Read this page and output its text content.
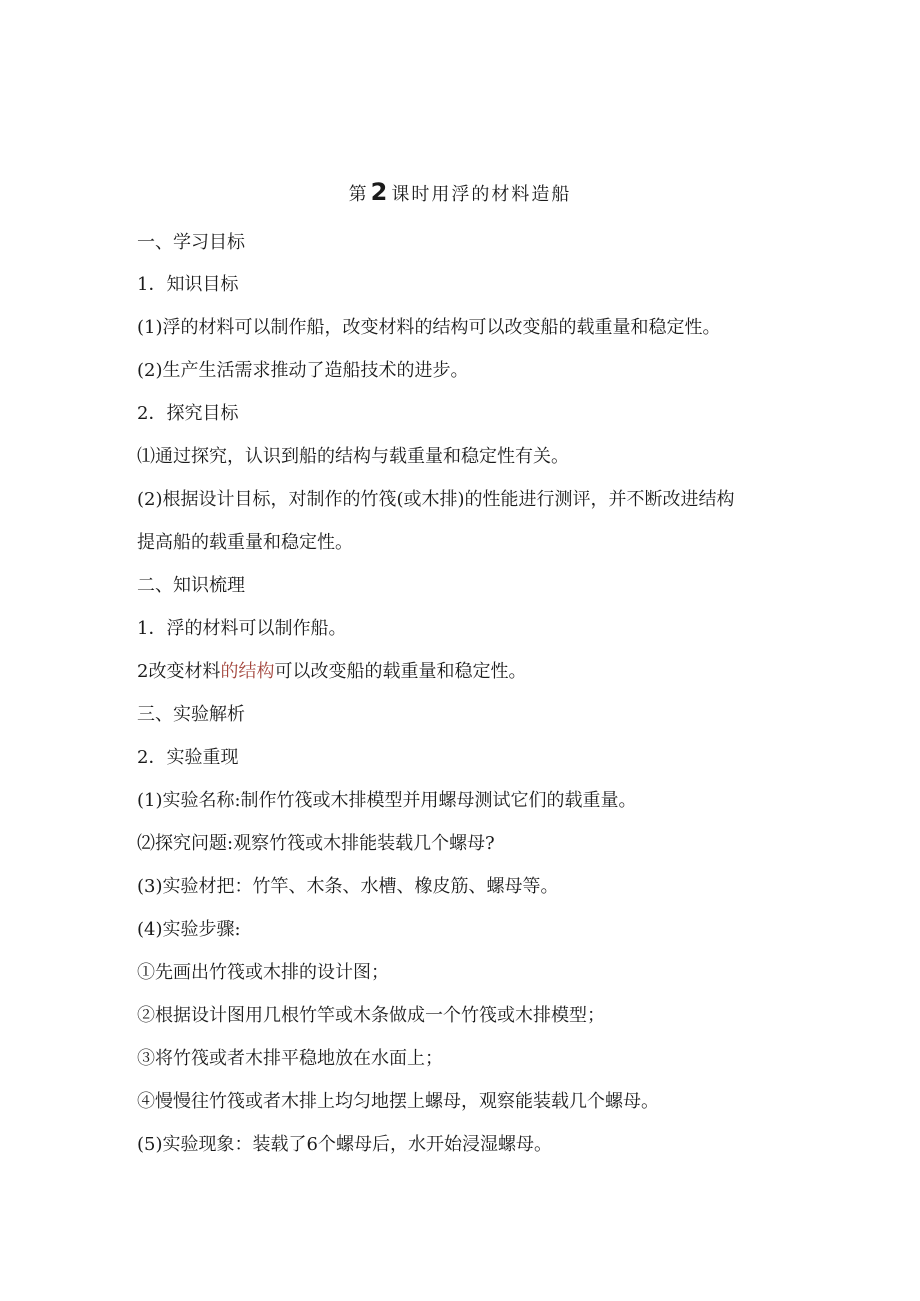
第2 课时用浮的材料造船
一、学习目标
1．知识目标
(1)浮的材料可以制作船，改变材料的结构可以改变船的载重量和稳定性。
(2)生产生活需求推动了造船技术的进步。
2．探究目标
⑴通过探究，认识到船的结构与载重量和稳定性有关。
(2)根据设计目标，对制作的竹筏(或木排)的性能进行测评，并不断改进结构
提高船的载重量和稳定性。
二、知识梳理
1．浮的材料可以制作船。
2改变材料的结构可以改变船的载重量和稳定性。
三、实验解析
2．实验重现
(1)实验名称:制作竹筏或木排模型并用螺母测试它们的载重量。
⑵探究问题:观察竹筏或木排能装载几个螺母?
(3)实验材把：竹竿、木条、水槽、橡皮筋、螺母等。
(4)实验步骤:
①先画出竹筏或木排的设计图；
②根据设计图用几根竹竿或木条做成一个竹筏或木排模型；
③将竹筏或者木排平稳地放在水面上；
④慢慢往竹筏或者木排上均匀地摆上螺母，观察能装载几个螺母。
(5)实验现象：装载了6个螺母后，水开始浸湿螺母。
